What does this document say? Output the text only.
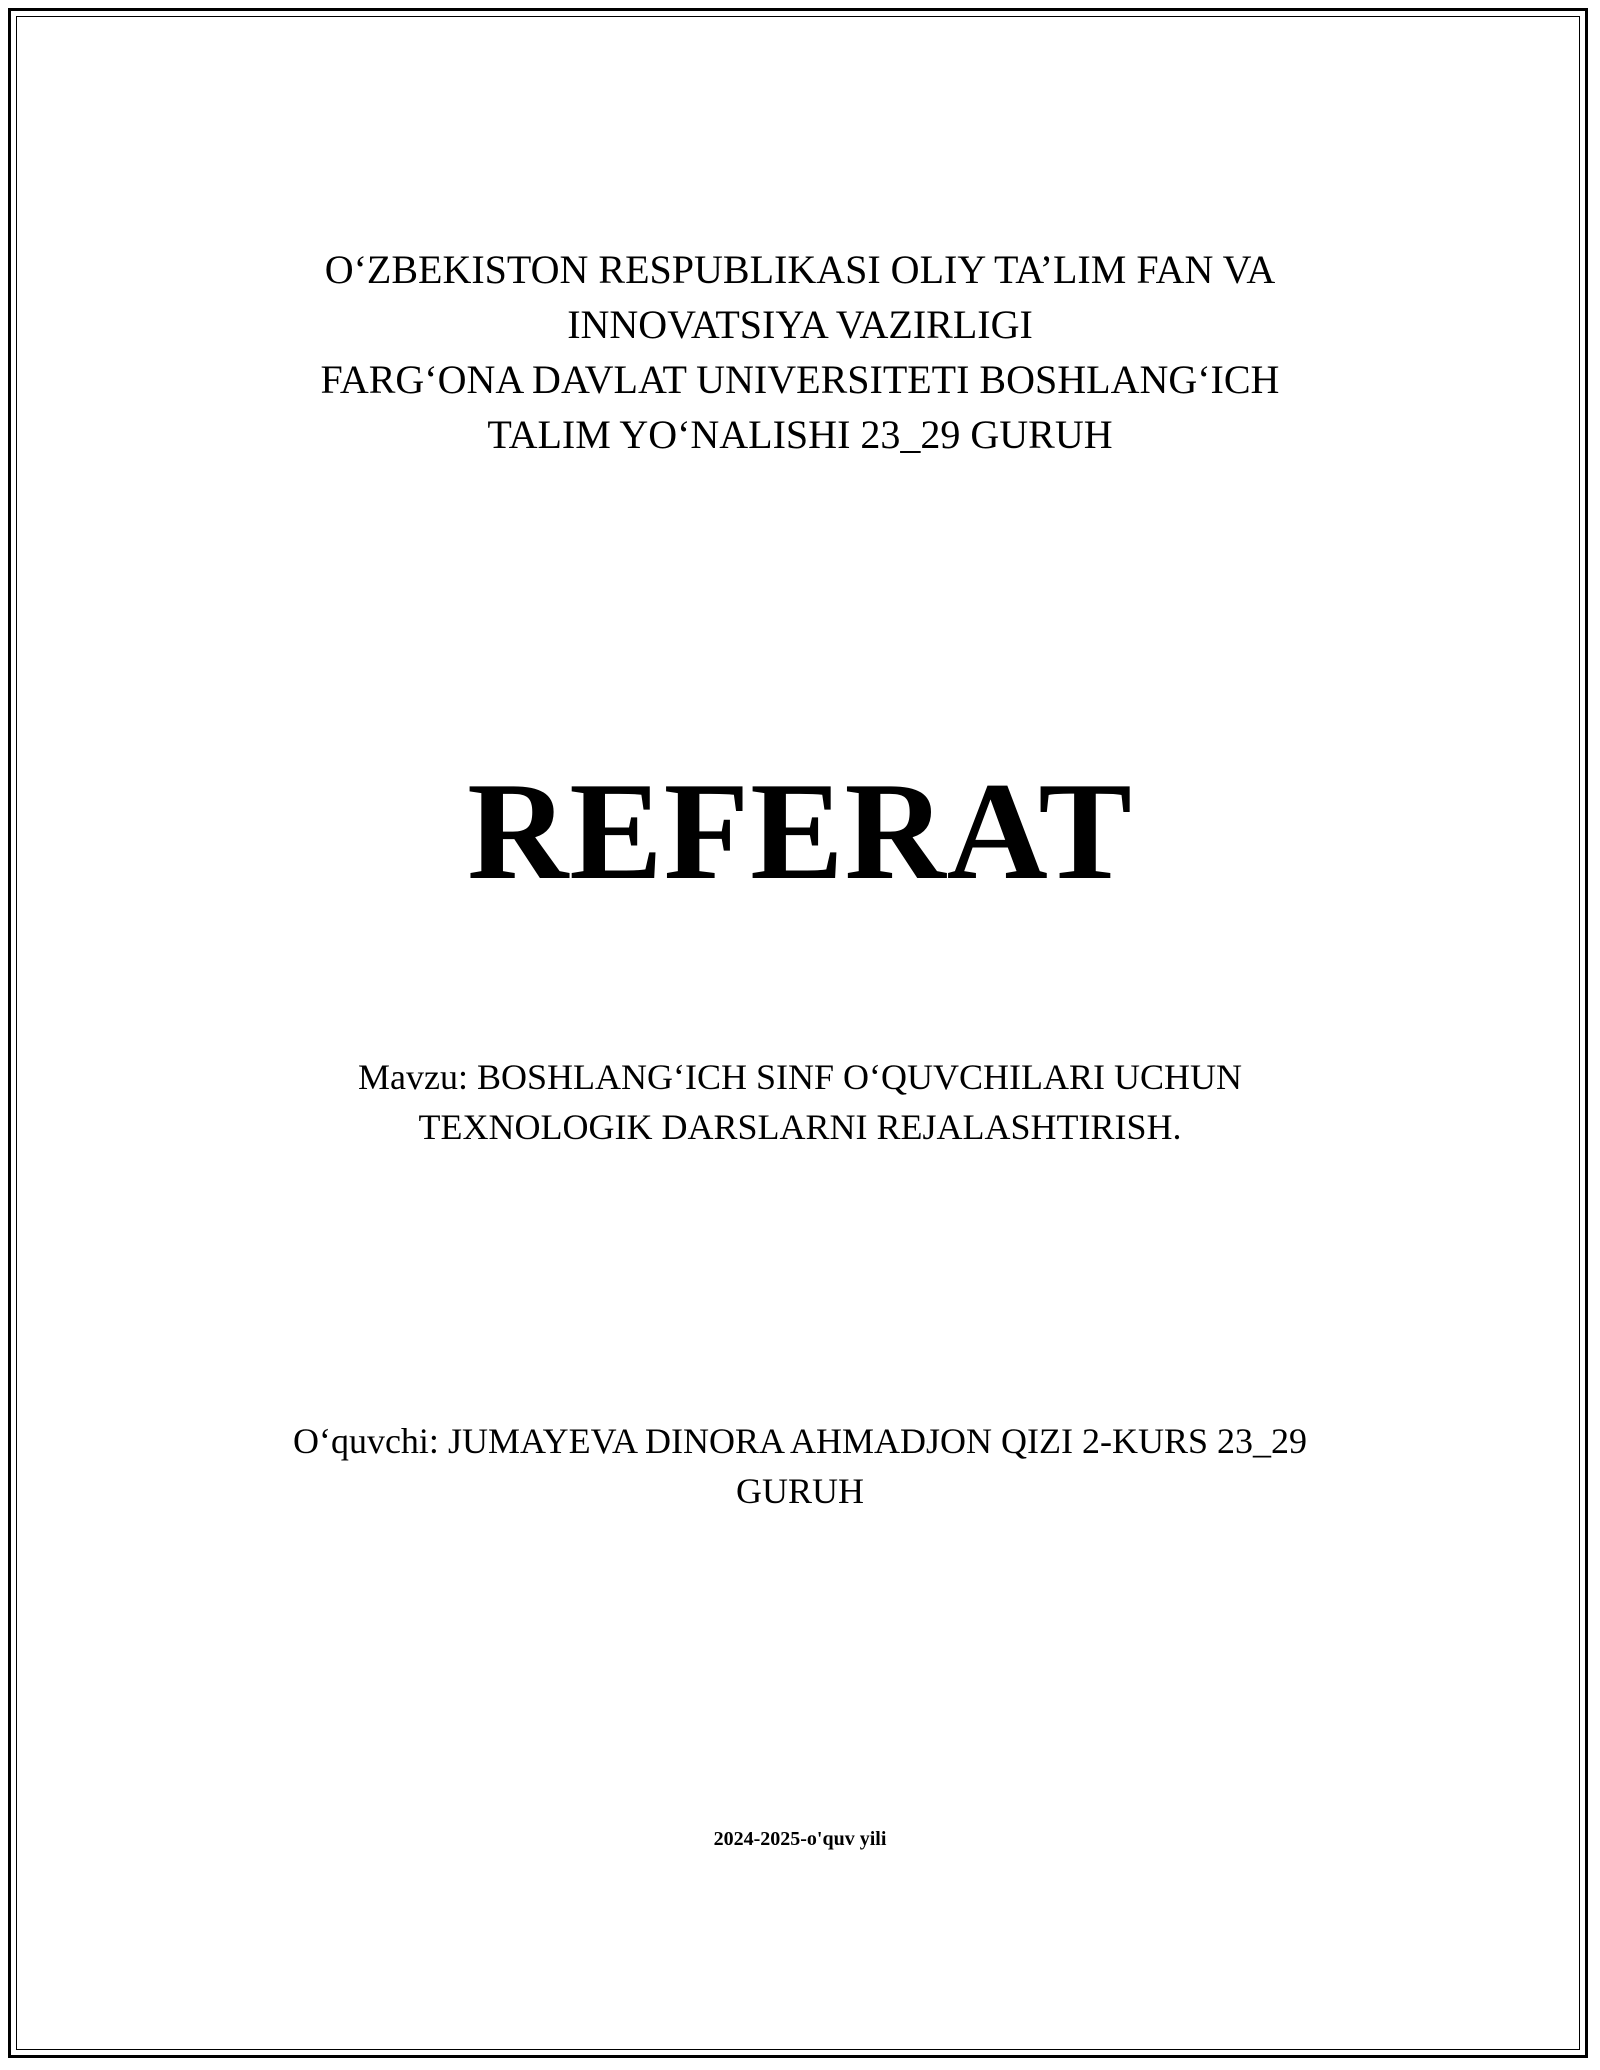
O‘ZBEKISTON RESPUBLIKASI OLIY TA’LIM FAN VA
INNOVATSIYA VAZIRLIGI
FARG‘ONA DAVLAT UNIVERSITETI BOSHLANG‘ICH
TALIM YO‘NALISHI 23_29 GURUH
REFERAT
Mavzu: BOSHLANG‘ICH SINF O‘QUVCHILARI UCHUN
TEXNOLOGIK DARSLARNI REJALASHTIRISH.
O‘quvchi: JUMAYEVA DINORA AHMADJON QIZI 2-KURS 23_29
GURUH
2024-2025-o'quv yili
